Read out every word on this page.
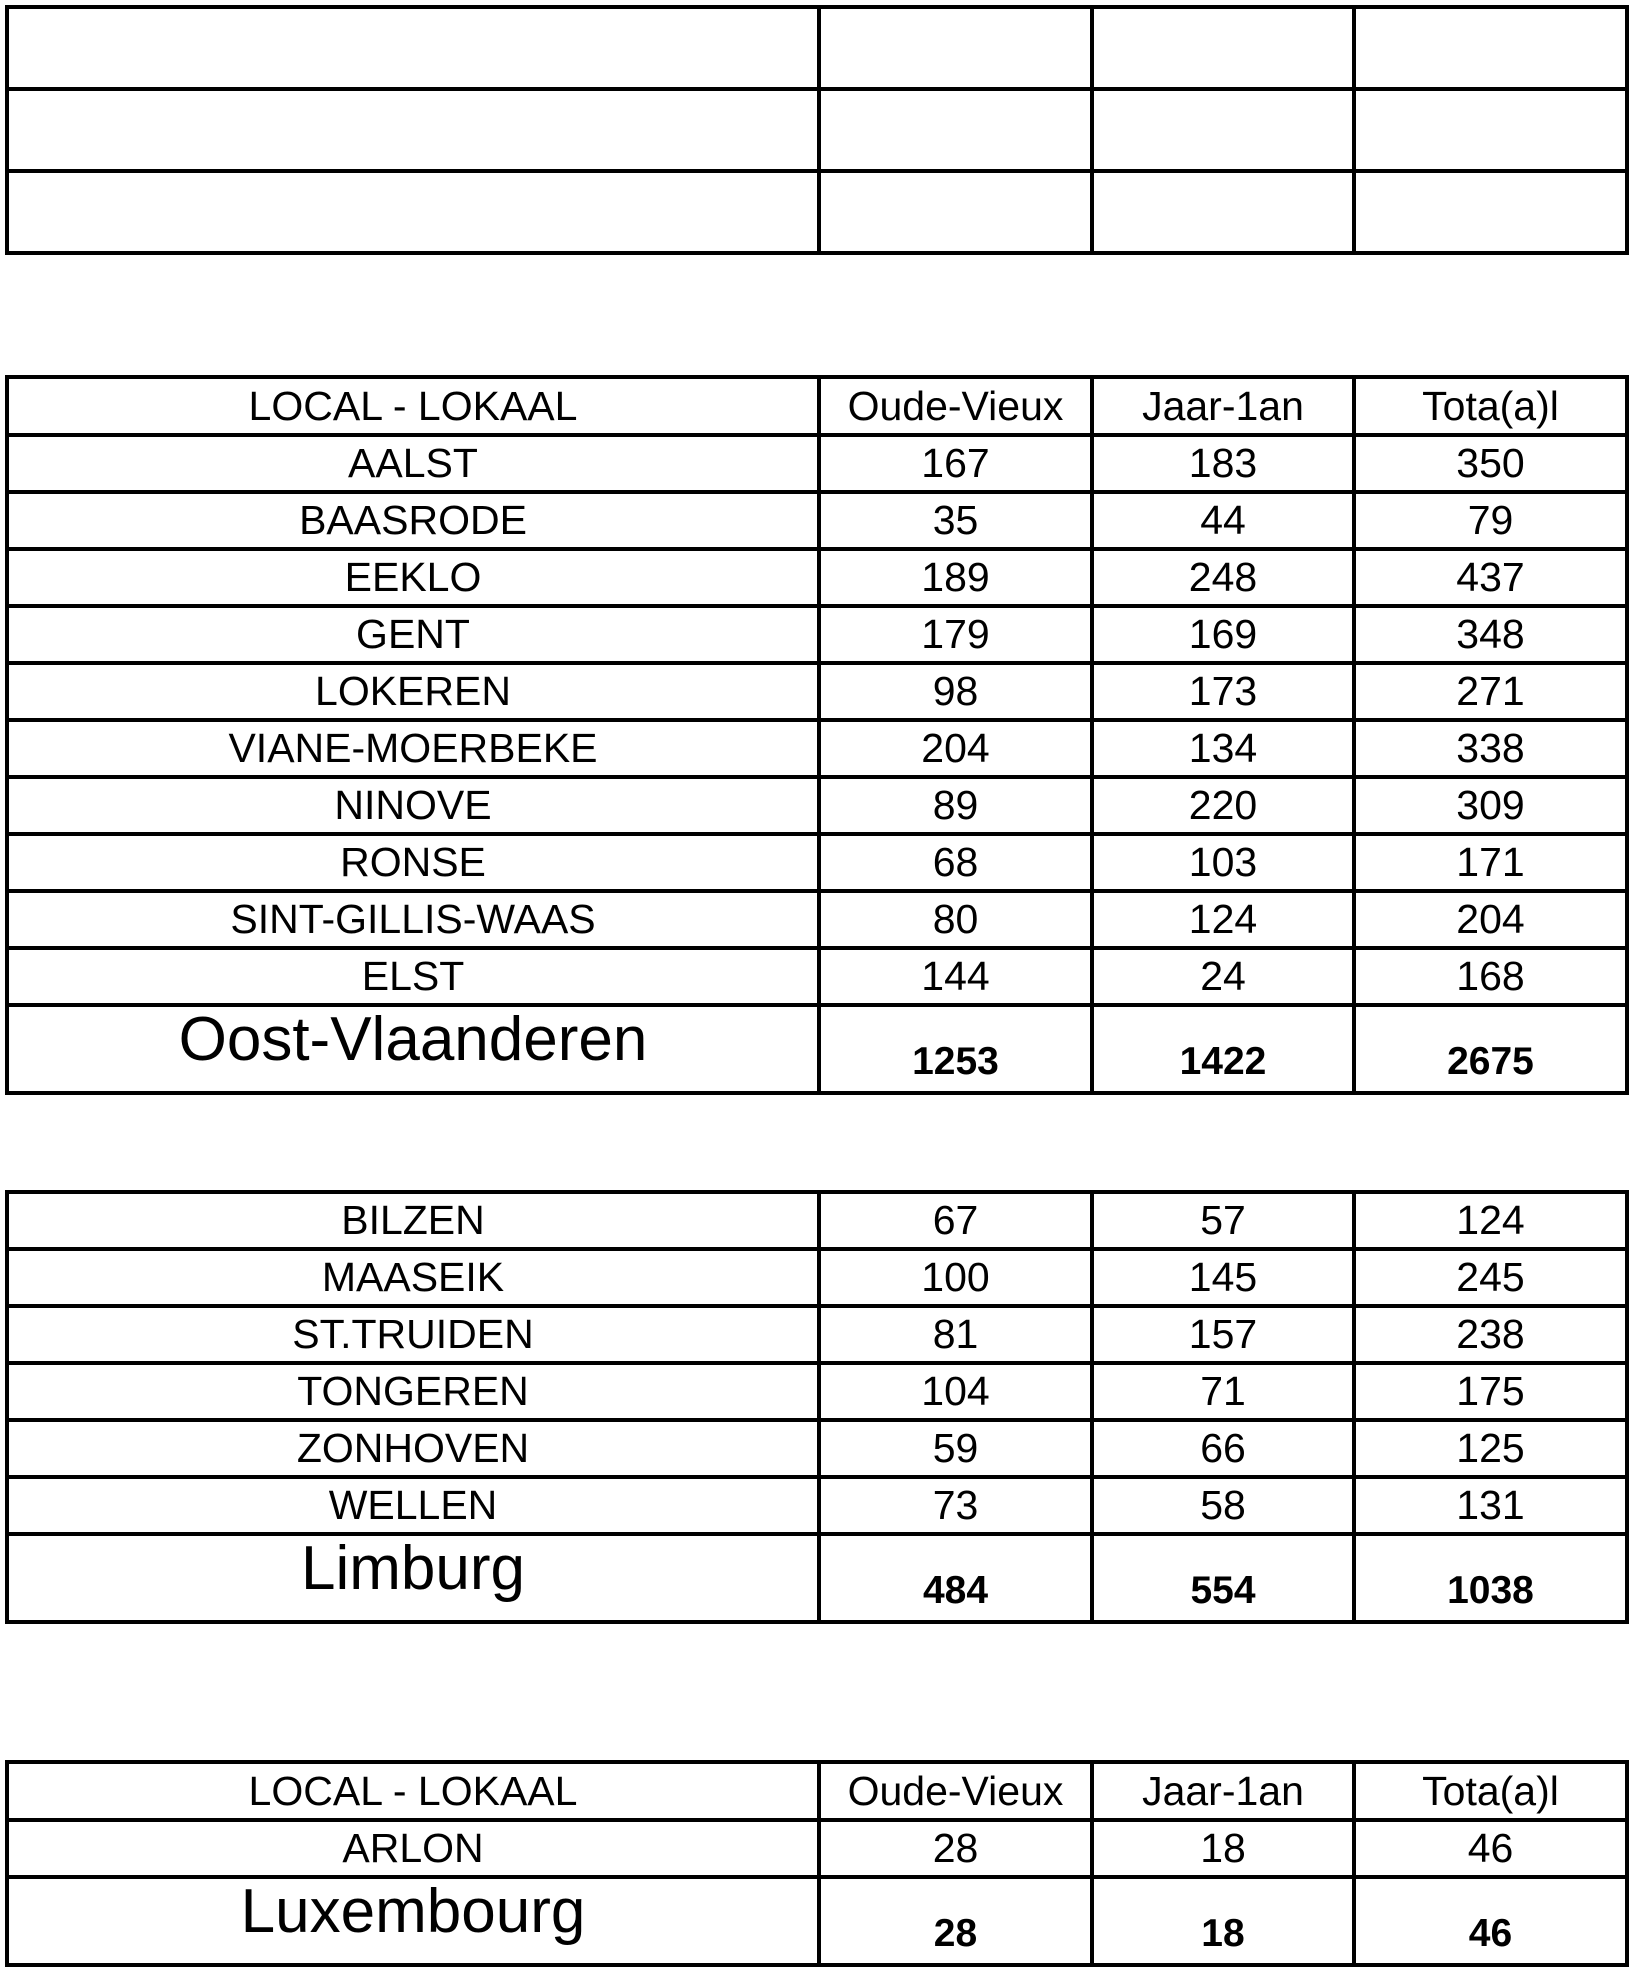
LOCAL - LOKAAL	Oude-Vieux	Jaar-1an	Tota(a)l
AALST	167	183	350
BAASRODE	35	44	79
EEKLO	189	248	437
GENT	179	169	348
LOKEREN	98	173	271
VIANE-MOERBEKE	204	134	338
NINOVE	89	220	309
RONSE	68	103	171
SINT-GILLIS-WAAS	80	124	204
ELST	144	24	168
Oost-Vlaanderen	1253	1422	2675
BILZEN	67	57	124
MAASEIK	100	145	245
ST.TRUIDEN	81	157	238
TONGEREN	104	71	175
ZONHOVEN	59	66	125
WELLEN	73	58	131
Limburg	484	554	1038
LOCAL - LOKAAL	Oude-Vieux	Jaar-1an	Tota(a)l
ARLON	28	18	46
Luxembourg	28	18	46
